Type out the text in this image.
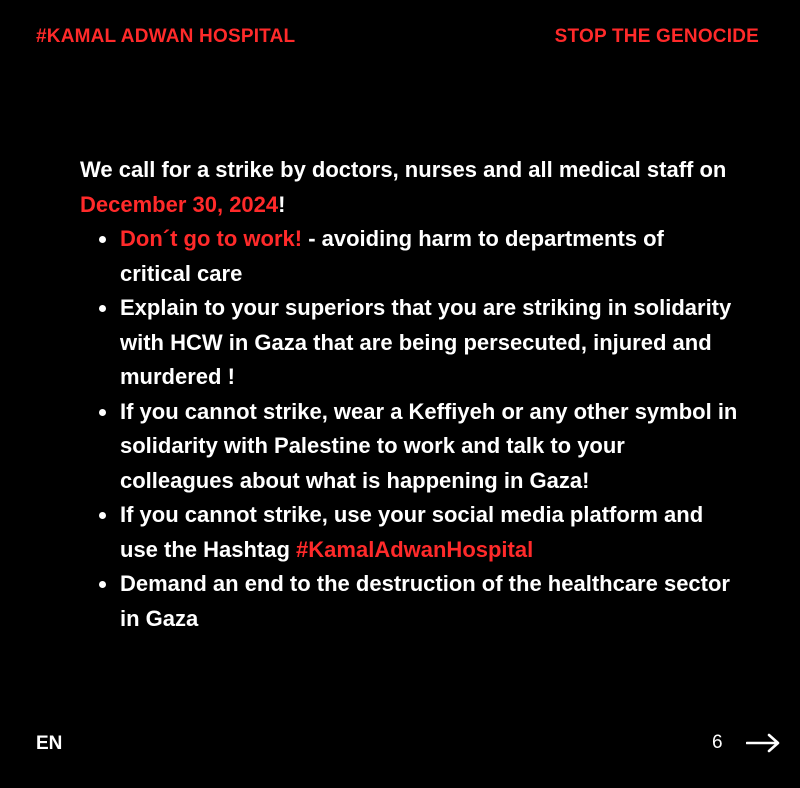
#KAMAL ADWAN HOSPITAL	STOP THE GENOCIDE

We call for a strike by doctors, nurses and all medical staff on December 30, 2024!

Don´t go to work! - avoiding harm to departments of critical care
Explain to your superiors that you are striking in solidarity with HCW in Gaza that are being persecuted, injured and murdered !
If you cannot strike, wear a Keffiyeh or any other symbol in solidarity with Palestine to work and talk to your colleagues about what is happening in Gaza!
If you cannot strike, use your social media platform and use the Hashtag #KamalAdwanHospital
Demand an end to the destruction of the healthcare sector in Gaza
EN	6
